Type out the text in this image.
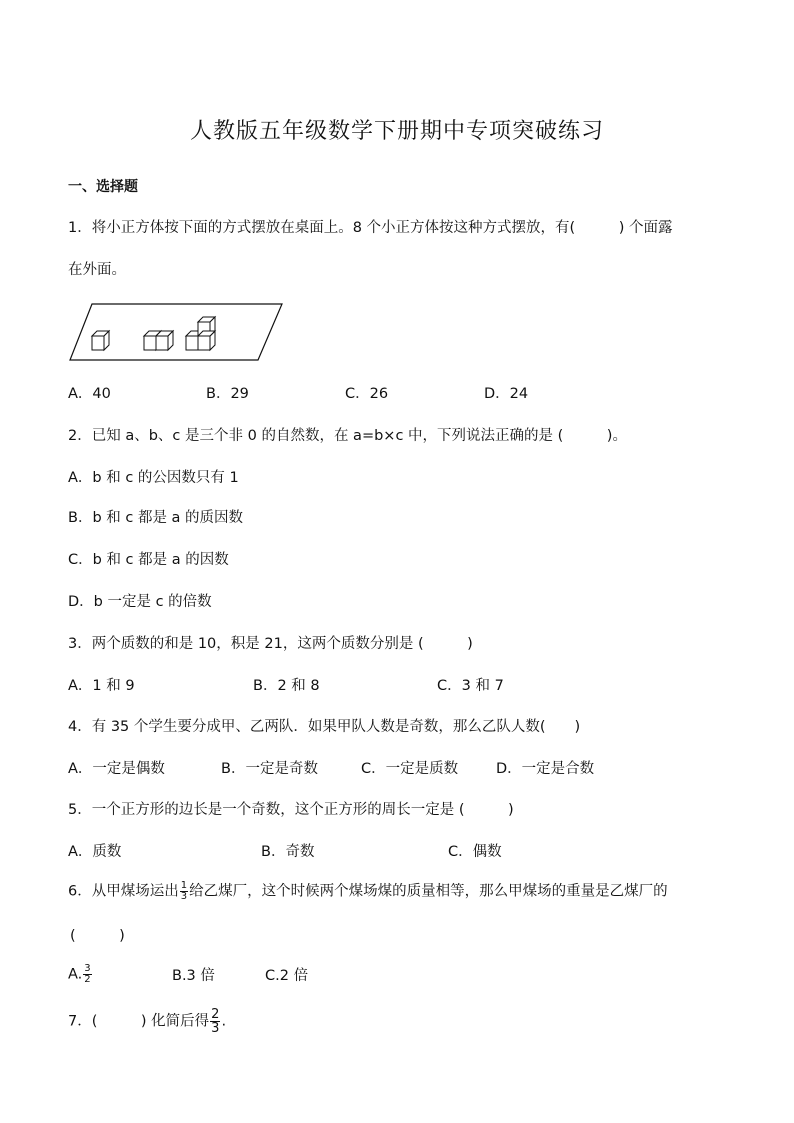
人教版五年级数学下册期中专项突破练习
一、选择题
1．将小正方体按下面的方式摆放在桌面上。8 个小正方体按这种方式摆放，有(　　　) 个面露
在外面。
A．40	B．29	C．26	D．24
2．已知 a、b、c 是三个非 0 的自然数，在 a=b×c 中，下列说法正确的是 (　　　)。
A．b 和 c 的公因数只有 1
B．b 和 c 都是 a 的质因数
C．b 和 c 都是 a 的因数
D．b 一定是 c 的倍数
3．两个质数的和是 10，积是 21，这两个质数分别是 (　　　)
A．1 和 9	B．2 和 8	C．3 和 7
4．有 35 个学生要分成甲、乙两队．如果甲队人数是奇数，那么乙队人数(　　)
A．一定是偶数	B．一定是奇数	C．一定是质数	D．一定是合数
5．一个正方形的边长是一个奇数，这个正方形的周长一定是 (　　　)
A．质数	B．奇数	C．偶数
6．从甲煤场运出 $\frac{1}{3}$ 给乙煤厂，这个时候两个煤场煤的质量相等，那么甲煤场的重量是乙煤厂的
(　　　)
A. $\frac{3}{2}$	B.3 倍	C.2 倍
7．(　　　) 化简后得 $\frac{2}{3}$ .
